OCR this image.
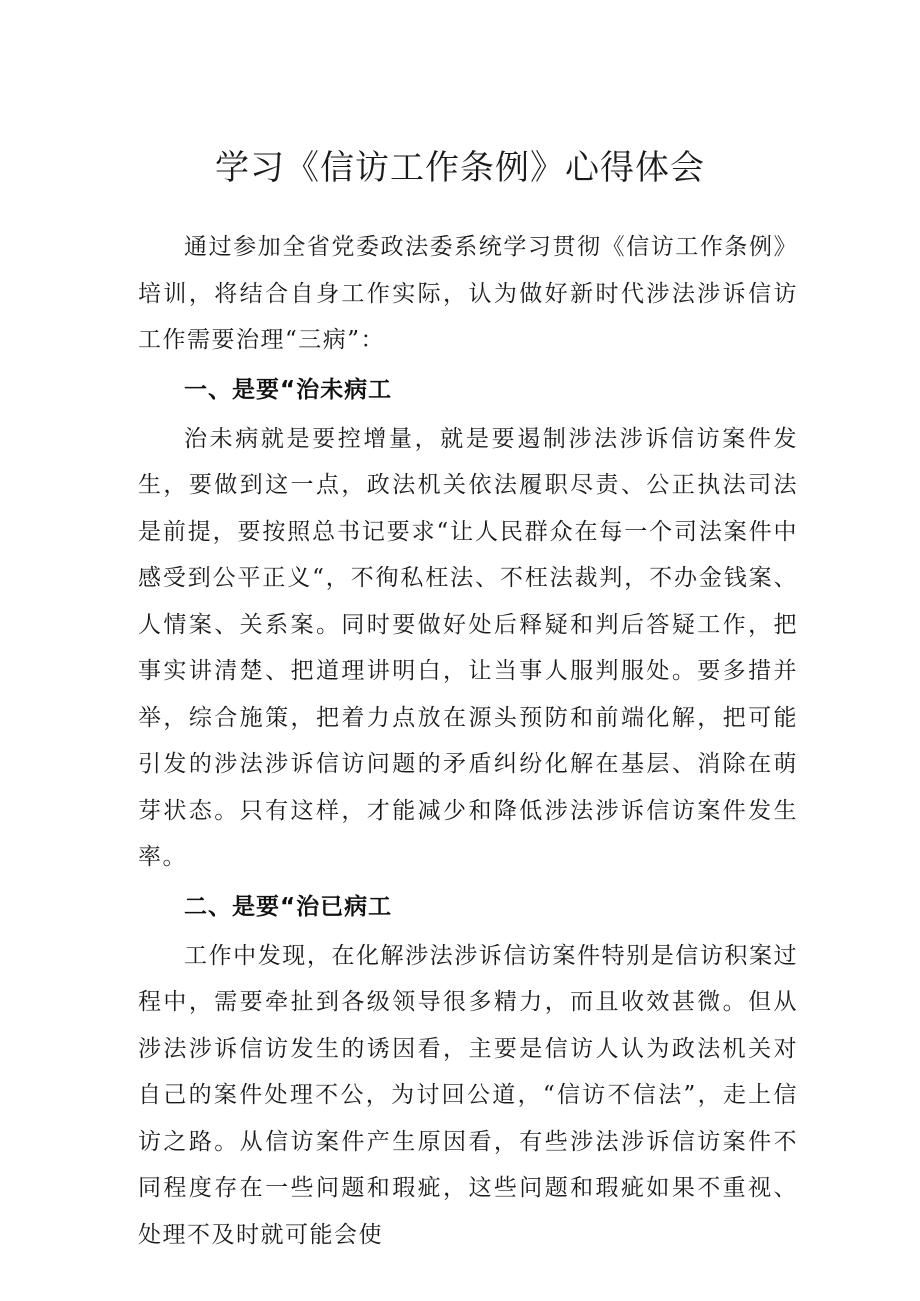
学习《信访工作条例》心得体会

通过参加全省党委政法委系统学习贯彻《信访工作条例》培训，将结合自身工作实际，认为做好新时代涉法涉诉信访工作需要治理“三病”：

一、是要“治未病工

治未病就是要控增量，就是要遏制涉法涉诉信访案件发生，要做到这一点，政法机关依法履职尽责、公正执法司法是前提，要按照总书记要求“让人民群众在每一个司法案件中感受到公平正义“，不徇私枉法、不枉法裁判，不办金钱案、人情案、关系案。同时要做好处后释疑和判后答疑工作，把事实讲清楚、把道理讲明白，让当事人服判服处。要多措并举，综合施策，把着力点放在源头预防和前端化解，把可能引发的涉法涉诉信访问题的矛盾纠纷化解在基层、消除在萌芽状态。只有这样，才能减少和降低涉法涉诉信访案件发生率。

二、是要“治已病工

工作中发现，在化解涉法涉诉信访案件特别是信访积案过程中，需要牵扯到各级领导很多精力，而且收效甚微。但从涉法涉诉信访发生的诱因看，主要是信访人认为政法机关对自己的案件处理不公，为讨回公道，“信访不信法”，走上信访之路。从信访案件产生原因看，有些涉法涉诉信访案件不同程度存在一些问题和瑕疵，这些问题和瑕疵如果不重视、处理不及时就可能会使
